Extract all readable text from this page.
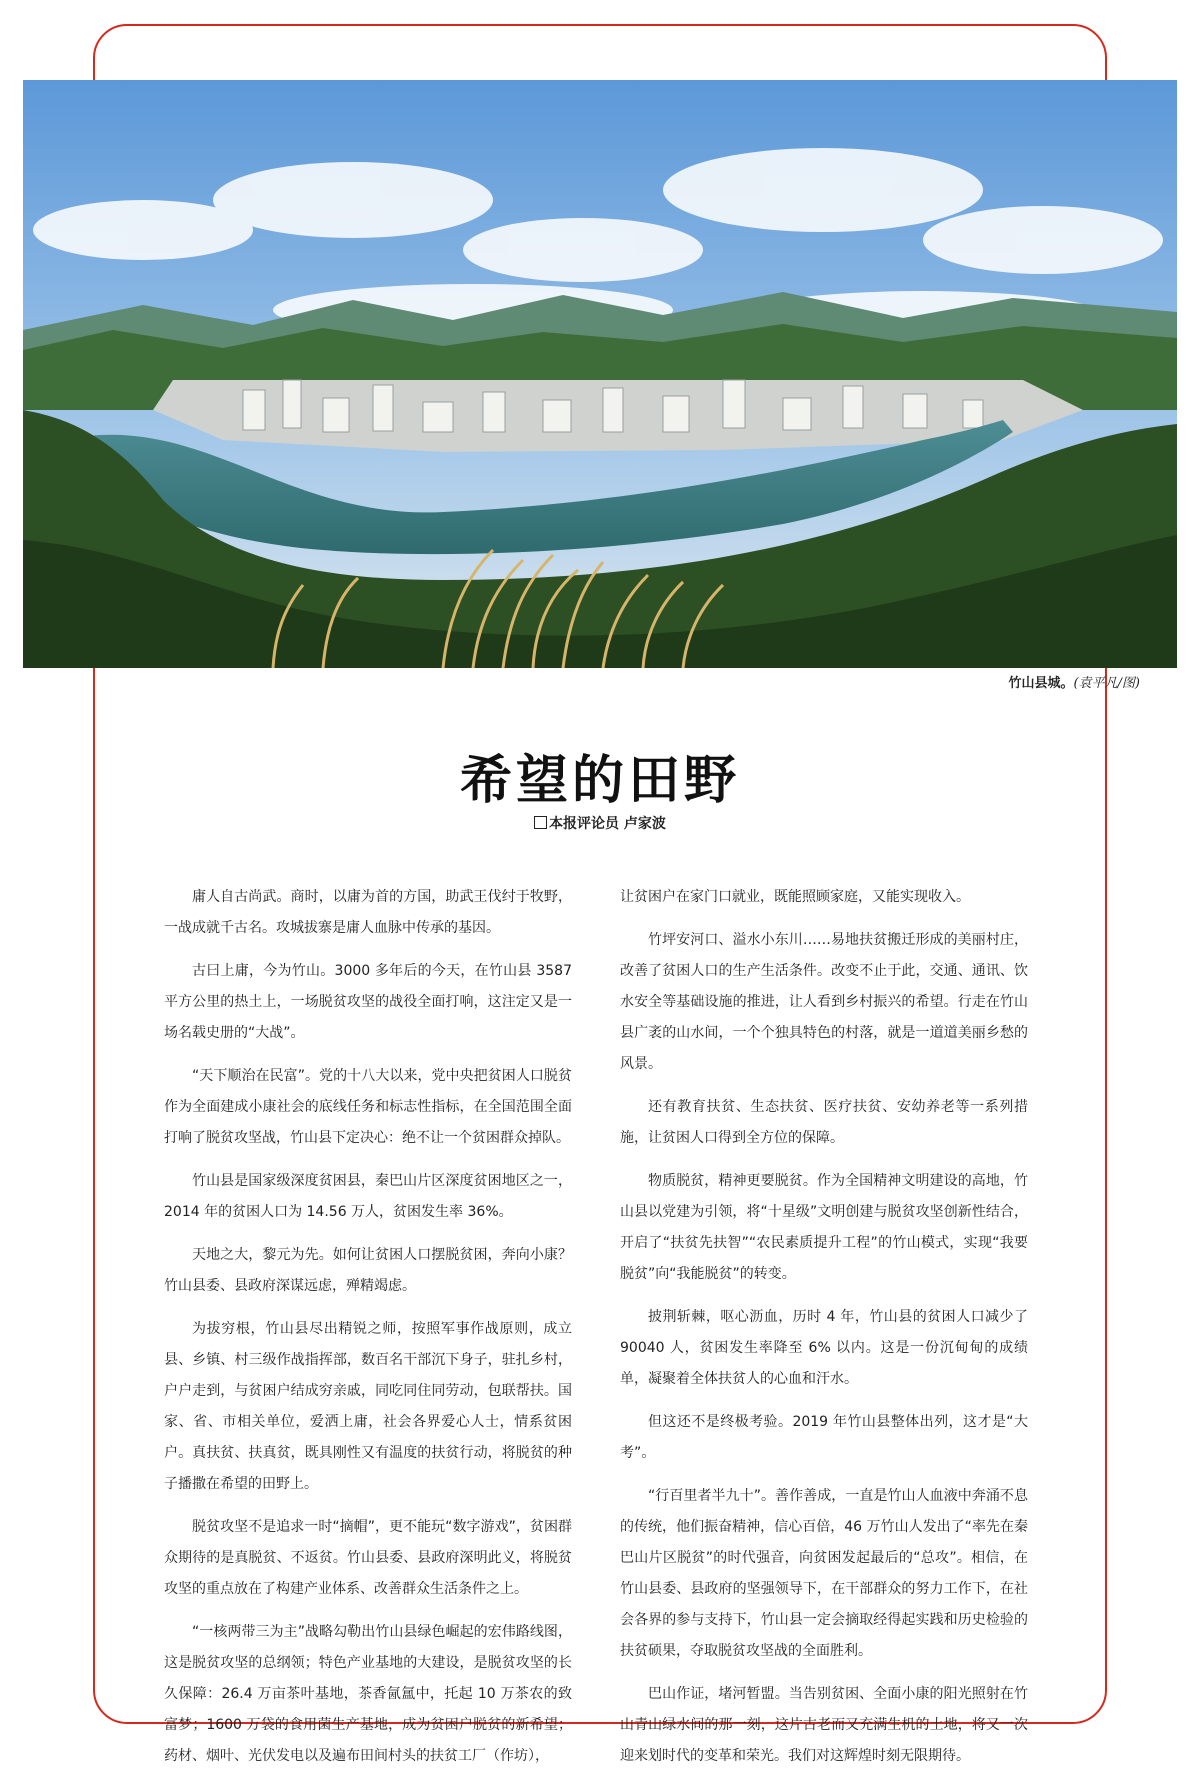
竹山县城。(袁平凡/图)
希望的田野
本报评论员 卢家波

庸人自古尚武。商时，以庸为首的方国，助武王伐纣于牧野，一战成就千古名。攻城拔寨是庸人血脉中传承的基因。

古曰上庸，今为竹山。3000 多年后的今天，在竹山县 3587 平方公里的热土上，一场脱贫攻坚的战役全面打响，这注定又是一场名载史册的“大战”。

“天下顺治在民富”。党的十八大以来，党中央把贫困人口脱贫作为全面建成小康社会的底线任务和标志性指标，在全国范围全面打响了脱贫攻坚战，竹山县下定决心：绝不让一个贫困群众掉队。

竹山县是国家级深度贫困县，秦巴山片区深度贫困地区之一，2014 年的贫困人口为 14.56 万人，贫困发生率 36%。

天地之大，黎元为先。如何让贫困人口摆脱贫困，奔向小康？竹山县委、县政府深谋远虑，殚精竭虑。

为拔穷根，竹山县尽出精锐之师，按照军事作战原则，成立县、乡镇、村三级作战指挥部，数百名干部沉下身子，驻扎乡村，户户走到，与贫困户结成穷亲戚，同吃同住同劳动，包联帮扶。国家、省、市相关单位，爱洒上庸，社会各界爱心人士，情系贫困户。真扶贫、扶真贫，既具刚性又有温度的扶贫行动，将脱贫的种子播撒在希望的田野上。

脱贫攻坚不是追求一时“摘帽”，更不能玩“数字游戏”，贫困群众期待的是真脱贫、不返贫。竹山县委、县政府深明此义，将脱贫攻坚的重点放在了构建产业体系、改善群众生活条件之上。

“一核两带三为主”战略勾勒出竹山县绿色崛起的宏伟路线图，这是脱贫攻坚的总纲领；特色产业基地的大建设，是脱贫攻坚的长久保障：26.4 万亩茶叶基地，茶香氤氲中，托起 10 万茶农的致富梦；1600 万袋的食用菌生产基地，成为贫困户脱贫的新希望；药材、烟叶、光伏发电以及遍布田间村头的扶贫工厂（作坊），

让贫困户在家门口就业，既能照顾家庭，又能实现收入。

竹坪安河口、溢水小东川……易地扶贫搬迁形成的美丽村庄，改善了贫困人口的生产生活条件。改变不止于此，交通、通讯、饮水安全等基础设施的推进，让人看到乡村振兴的希望。行走在竹山县广袤的山水间，一个个独具特色的村落，就是一道道美丽乡愁的风景。

还有教育扶贫、生态扶贫、医疗扶贫、安幼养老等一系列措施，让贫困人口得到全方位的保障。

物质脱贫，精神更要脱贫。作为全国精神文明建设的高地，竹山县以党建为引领，将“十星级”文明创建与脱贫攻坚创新性结合，开启了“扶贫先扶智”“农民素质提升工程”的竹山模式，实现“我要脱贫”向“我能脱贫”的转变。

披荆斩棘，呕心沥血，历时 4 年，竹山县的贫困人口减少了 90040 人，贫困发生率降至 6% 以内。这是一份沉甸甸的成绩单，凝聚着全体扶贫人的心血和汗水。

但这还不是终极考验。2019 年竹山县整体出列，这才是“大考”。

“行百里者半九十”。善作善成，一直是竹山人血液中奔涌不息的传统，他们振奋精神，信心百倍，46 万竹山人发出了“率先在秦巴山片区脱贫”的时代强音，向贫困发起最后的“总攻”。相信，在竹山县委、县政府的坚强领导下，在干部群众的努力工作下，在社会各界的参与支持下，竹山县一定会摘取经得起实践和历史检验的扶贫硕果，夺取脱贫攻坚战的全面胜利。

巴山作证，堵河暂盟。当告别贫困、全面小康的阳光照射在竹山青山绿水间的那一刻，这片古老而又充满生机的土地，将又一次迎来划时代的变革和荣光。我们对这辉煌时刻无限期待。
